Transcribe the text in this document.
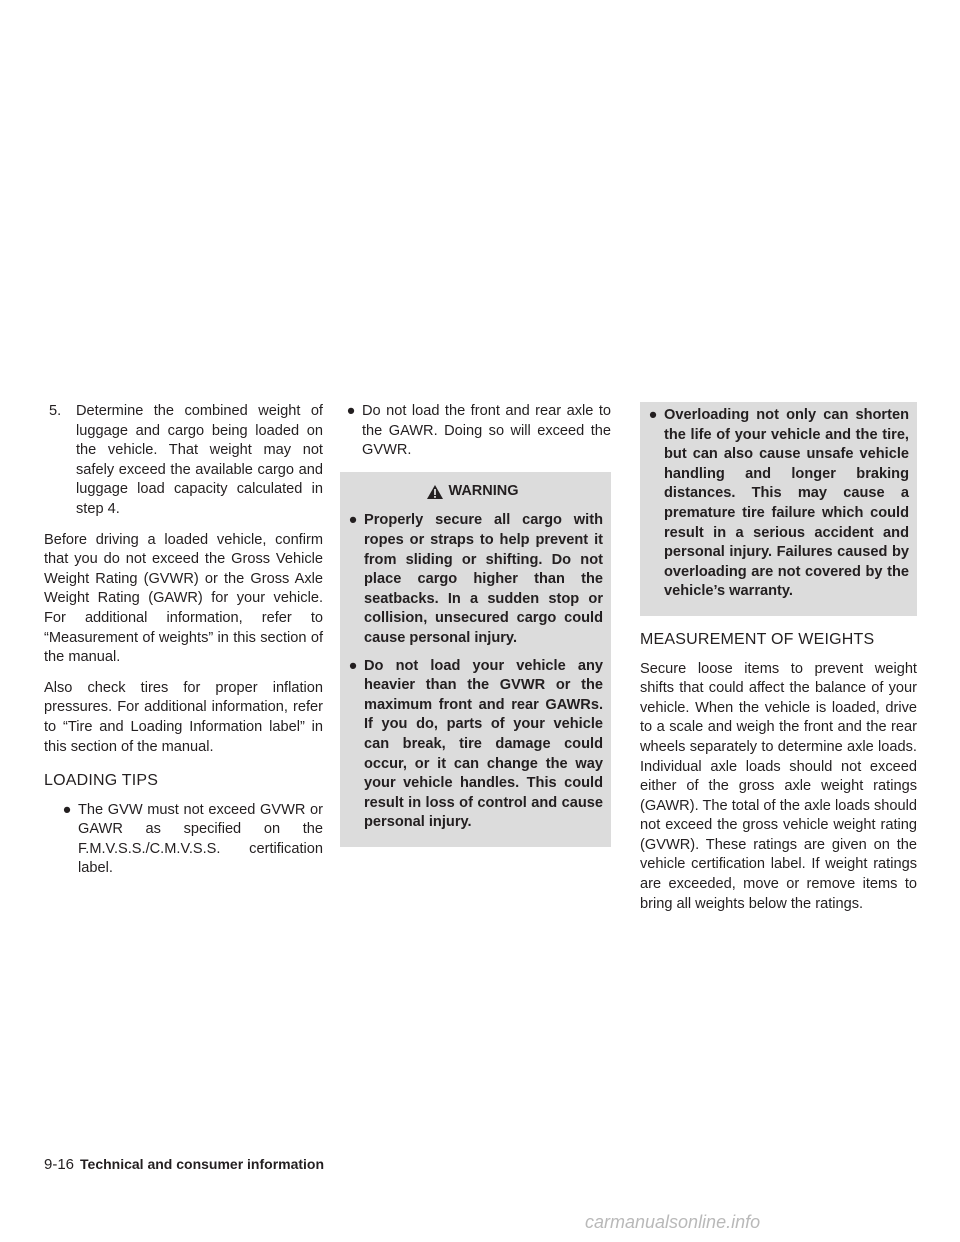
5.	Determine the combined weight of luggage and cargo being loaded on the vehicle. That weight may not safely exceed the available cargo and luggage load capacity calculated in step 4.

Before driving a loaded vehicle, confirm that you do not exceed the Gross Vehicle Weight Rating (GVWR) or the Gross Axle Weight Rating (GAWR) for your vehicle. For additional information, refer to “Measurement of weights” in this section of the manual.

Also check tires for proper inflation pressures. For additional information, refer to “Tire and Loading Information label” in this section of the manual.

LOADING TIPS
● The GVW must not exceed GVWR or GAWR as specified on the F.M.V.S.S./C.M.V.S.S. certification label.
● Do not load the front and rear axle to the GAWR. Doing so will exceed the GVWR.
WARNING
● Properly secure all cargo with ropes or straps to help prevent it from sliding or shifting. Do not place cargo higher than the seatbacks. In a sudden stop or collision, unsecured cargo could cause personal injury.
● Do not load your vehicle any heavier than the GVWR or the maximum front and rear GAWRs. If you do, parts of your vehicle can break, tire damage could occur, or it can change the way your vehicle handles. This could result in loss of control and cause personal injury.
● Overloading not only can shorten the life of your vehicle and the tire, but can also cause unsafe vehicle handling and longer braking distances. This may cause a premature tire failure which could result in a serious accident and personal injury. Failures caused by overloading are not covered by the vehicle’s warranty.
MEASUREMENT OF WEIGHTS

Secure loose items to prevent weight shifts that could affect the balance of your vehicle. When the vehicle is loaded, drive to a scale and weigh the front and the rear wheels separately to determine axle loads. Individual axle loads should not exceed either of the gross axle weight ratings (GAWR). The total of the axle loads should not exceed the gross vehicle weight rating (GVWR). These ratings are given on the vehicle certification label. If weight ratings are exceeded, move or remove items to bring all weights below the ratings.

9-16 Technical and consumer information
carmanualsonline.info
